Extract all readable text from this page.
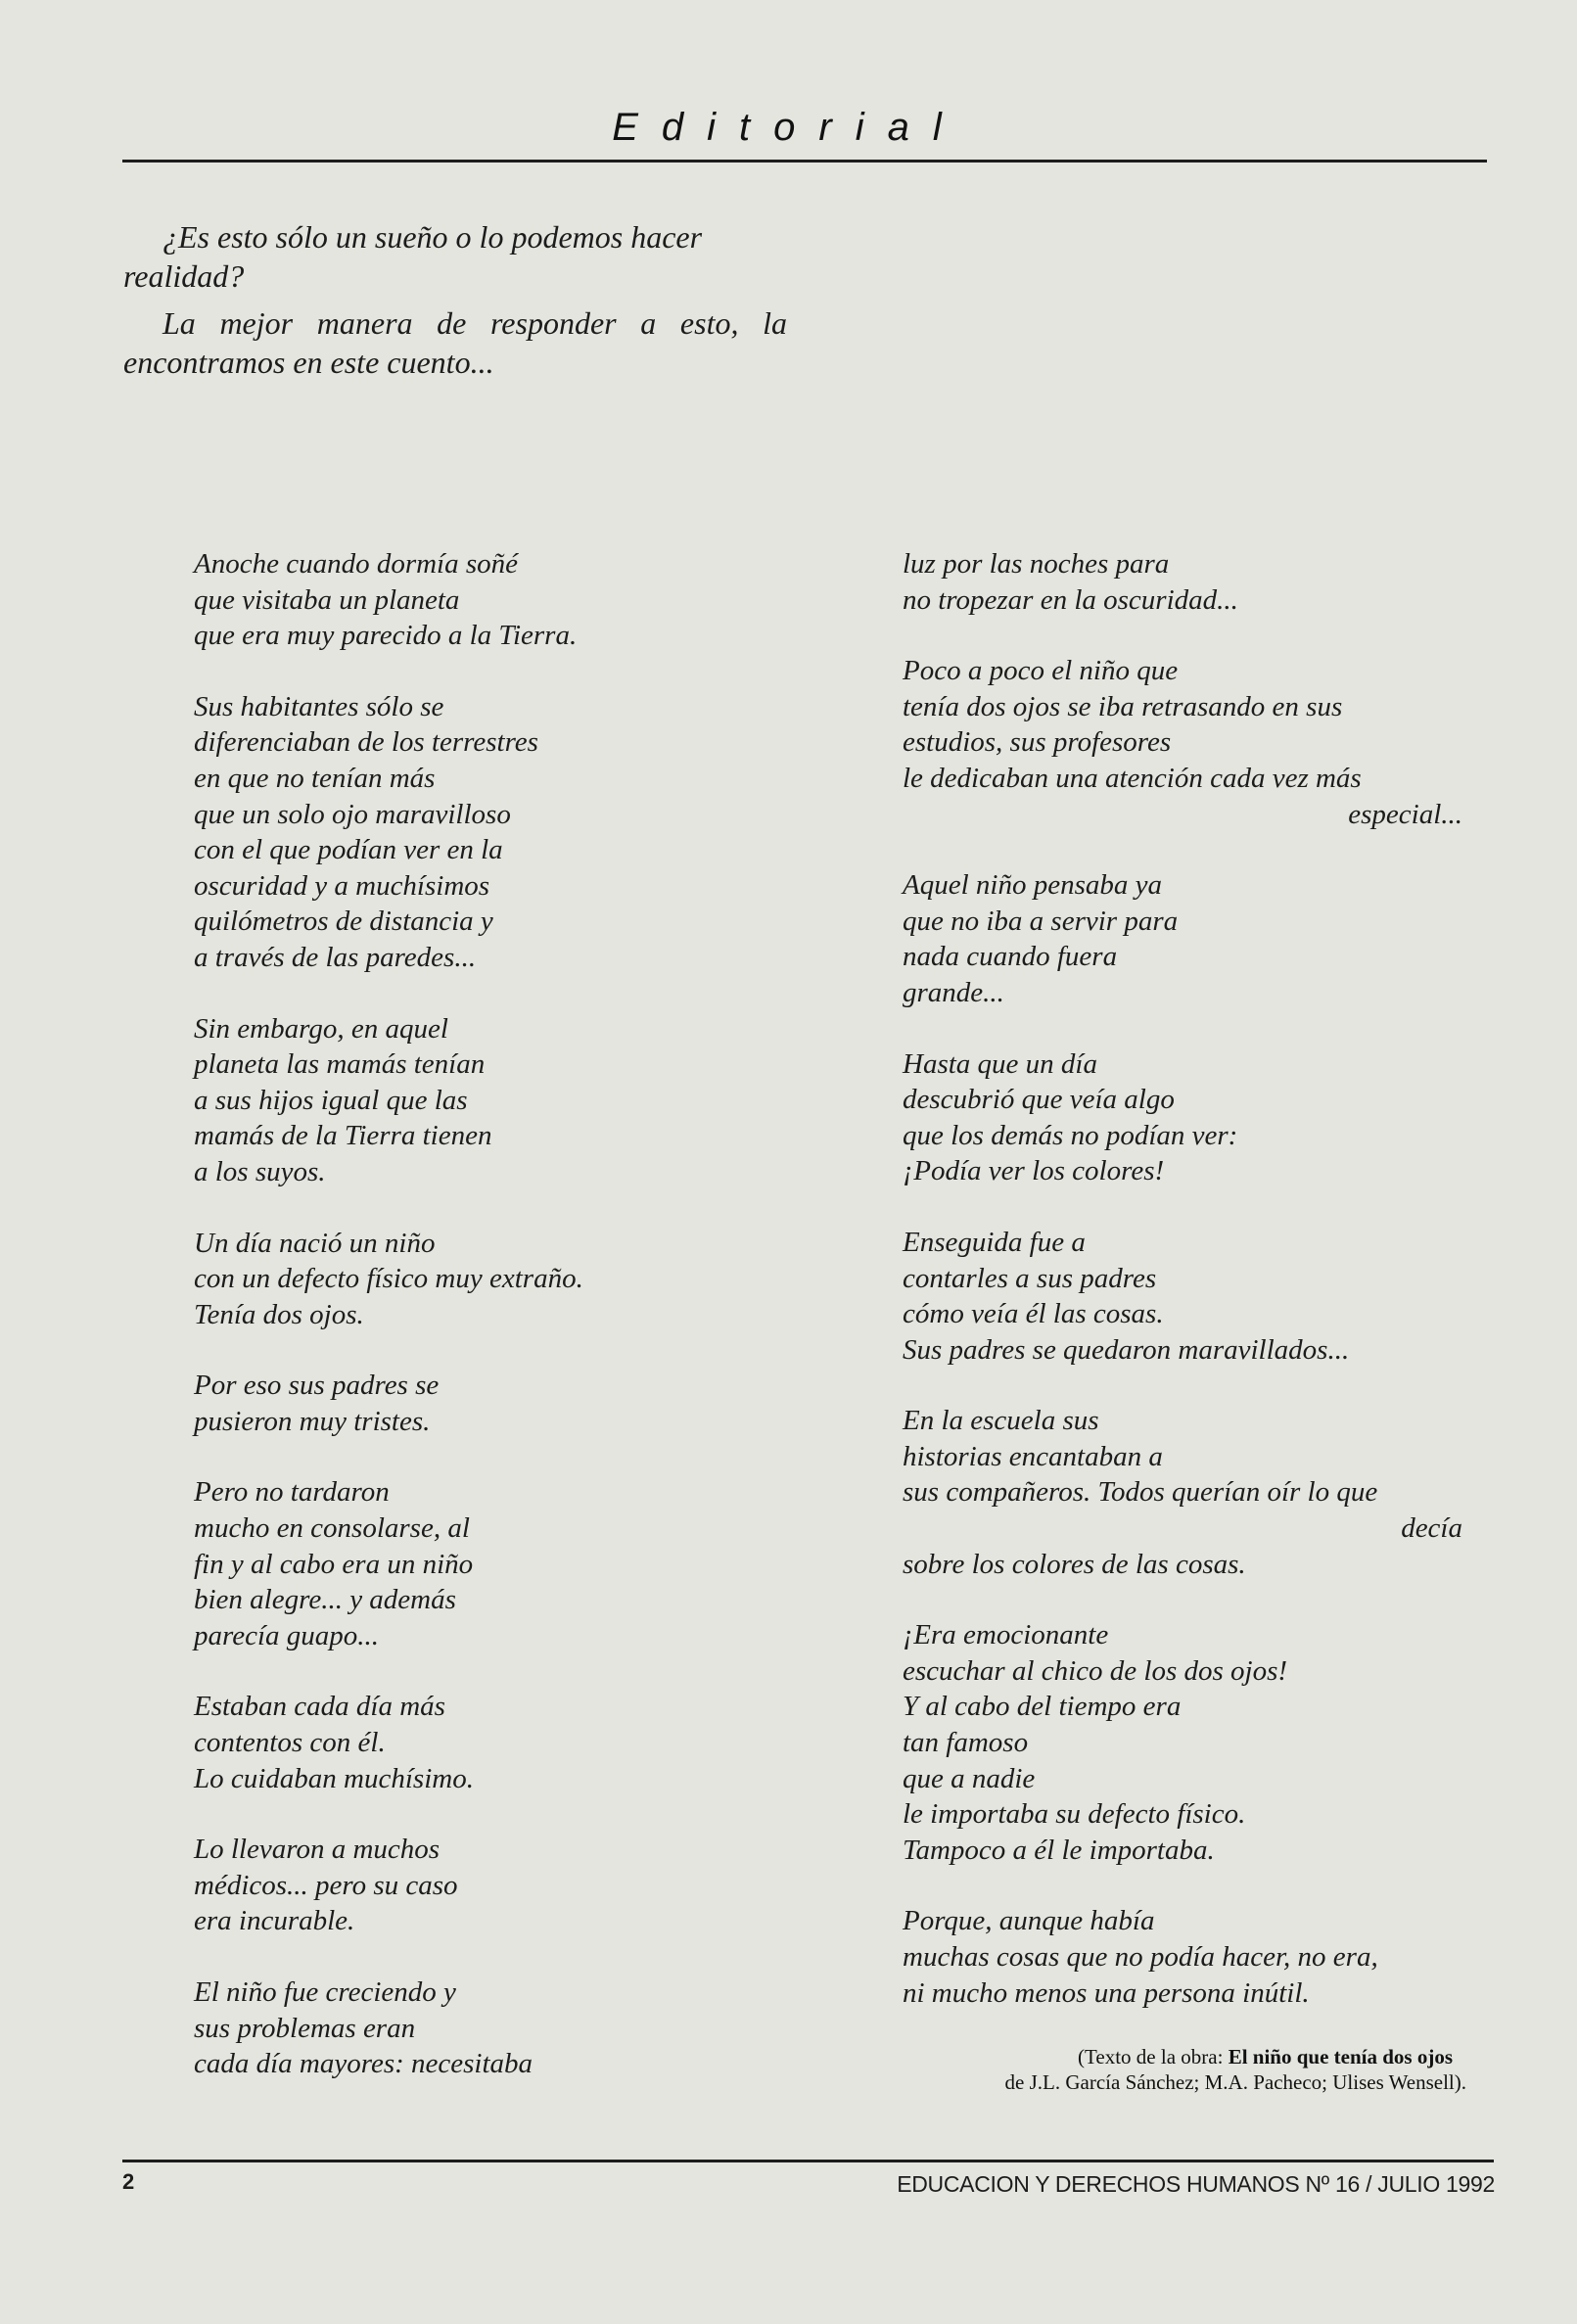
Editorial

¿Es esto sólo un sueño o lo podemos hacer realidad?

La mejor manera de responder a esto, la encontramos en este cuento...

Anoche cuando dormía soñé
que visitaba un planeta
que era muy parecido a la Tierra.
Sus habitantes sólo se
diferenciaban de los terrestres
en que no tenían más
que un solo ojo maravilloso
con el que podían ver en la
oscuridad y a muchísimos
quilómetros de distancia y
a través de las paredes...
Sin embargo, en aquel
planeta las mamás tenían
a sus hijos igual que las
mamás de la Tierra tienen
a los suyos.
Un día nació un niño
con un defecto físico muy extraño.
Tenía dos ojos.
Por eso sus padres se
pusieron muy tristes.
Pero no tardaron
mucho en consolarse, al
fin y al cabo era un niño
bien alegre... y además
parecía guapo...
Estaban cada día más
contentos con él.
Lo cuidaban muchísimo.
Lo llevaron a muchos
médicos... pero su caso
era incurable.
El niño fue creciendo y
sus problemas eran
cada día mayores: necesitaba
luz por las noches para
no tropezar en la oscuridad...
Poco a poco el niño que
tenía dos ojos se iba retrasando en sus
estudios, sus profesores
le dedicaban una atención cada vez más
especial...
Aquel niño pensaba ya
que no iba a servir para
nada cuando fuera
grande...
Hasta que un día
descubrió que veía algo
que los demás no podían ver:
¡Podía ver los colores!
Enseguida fue a
contarles a sus padres
cómo veía él las cosas.
Sus padres se quedaron maravillados...
En la escuela sus
historias encantaban a
sus compañeros. Todos querían oír lo que
decía
sobre los colores de las cosas.
¡Era emocionante
escuchar al chico de los dos ojos!
Y al cabo del tiempo era
tan famoso
que a nadie
le importaba su defecto físico.
Tampoco a él le importaba.
Porque, aunque había
muchas cosas que no podía hacer, no era,
ni mucho menos una persona inútil.
(Texto de la obra: El niño que tenía dos ojos
de J.L. García Sánchez; M.A. Pacheco; Ulises Wensell).
2	EDUCACION Y DERECHOS HUMANOS Nº 16 / JULIO 1992
